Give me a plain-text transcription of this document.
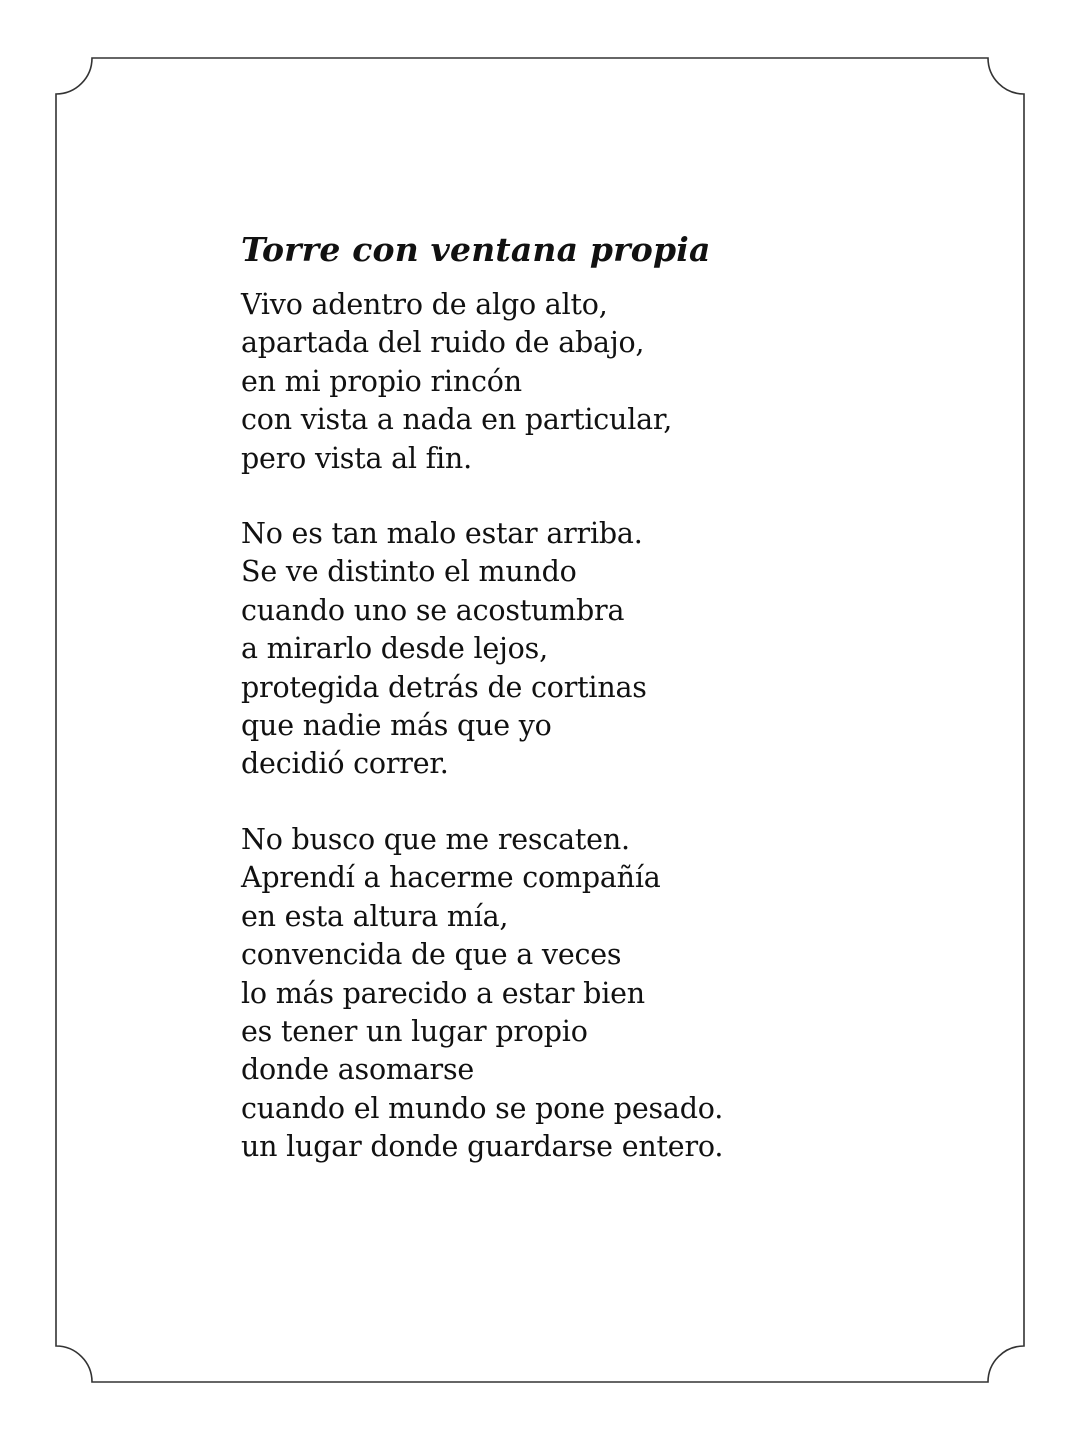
Torre con ventana propia
Vivo adentro de algo alto,
apartada del ruido de abajo,
en mi propio rincón
con vista a nada en particular,
pero vista al fin.
No es tan malo estar arriba.
Se ve distinto el mundo
cuando uno se acostumbra
a mirarlo desde lejos,
protegida detrás de cortinas
que nadie más que yo
decidió correr.
No busco que me rescaten.
Aprendí a hacerme compañía
en esta altura mía,
convencida de que a veces
lo más parecido a estar bien
es tener un lugar propio
donde asomarse
cuando el mundo se pone pesado.
un lugar donde guardarse entero.
